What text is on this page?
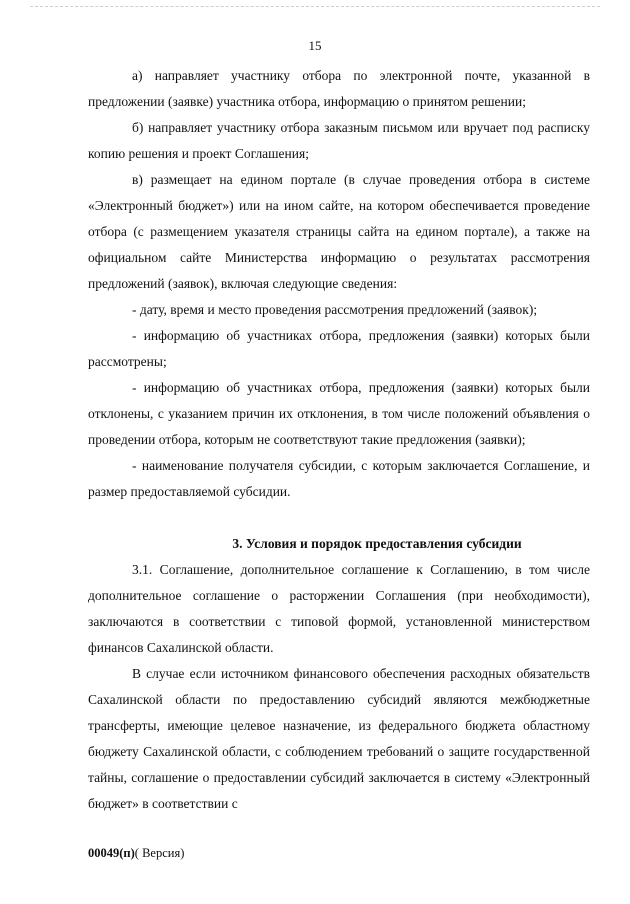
15

а) направляет участнику отбора по электронной почте, указанной в предложении (заявке) участника отбора, информацию о принятом решении;

б) направляет участнику отбора заказным письмом или вручает под расписку копию решения и проект Соглашения;

в) размещает на едином портале (в случае проведения отбора в системе «Электронный бюджет») или на ином сайте, на котором обеспечивается проведение отбора (с размещением указателя страницы сайта на едином портале), а также на официальном сайте Министерства информацию о результатах рассмотрения предложений (заявок), включая следующие сведения:

- дату, время и место проведения рассмотрения предложений (заявок);

- информацию об участниках отбора, предложения (заявки) которых были рассмотрены;

- информацию об участниках отбора, предложения (заявки) которых были отклонены, с указанием причин их отклонения, в том числе положений объявления о проведении отбора, которым не соответствуют такие предложения (заявки);

- наименование получателя субсидии, с которым заключается Соглашение, и размер предоставляемой субсидии.

3. Условия и порядок предоставления субсидии

3.1. Соглашение, дополнительное соглашение к Соглашению, в том числе дополнительное соглашение о расторжении Соглашения (при необходимости), заключаются в соответствии с типовой формой, установленной министерством финансов Сахалинской области.

В случае если источником финансового обеспечения расходных обязательств Сахалинской области по предоставлению субсидий являются межбюджетные трансферты, имеющие целевое назначение, из федерального бюджета областному бюджету Сахалинской области, с соблюдением требований о защите государственной тайны, соглашение о предоставлении субсидий заключается в систему «Электронный бюджет» в соответствии с

00049(п)( Версия)
